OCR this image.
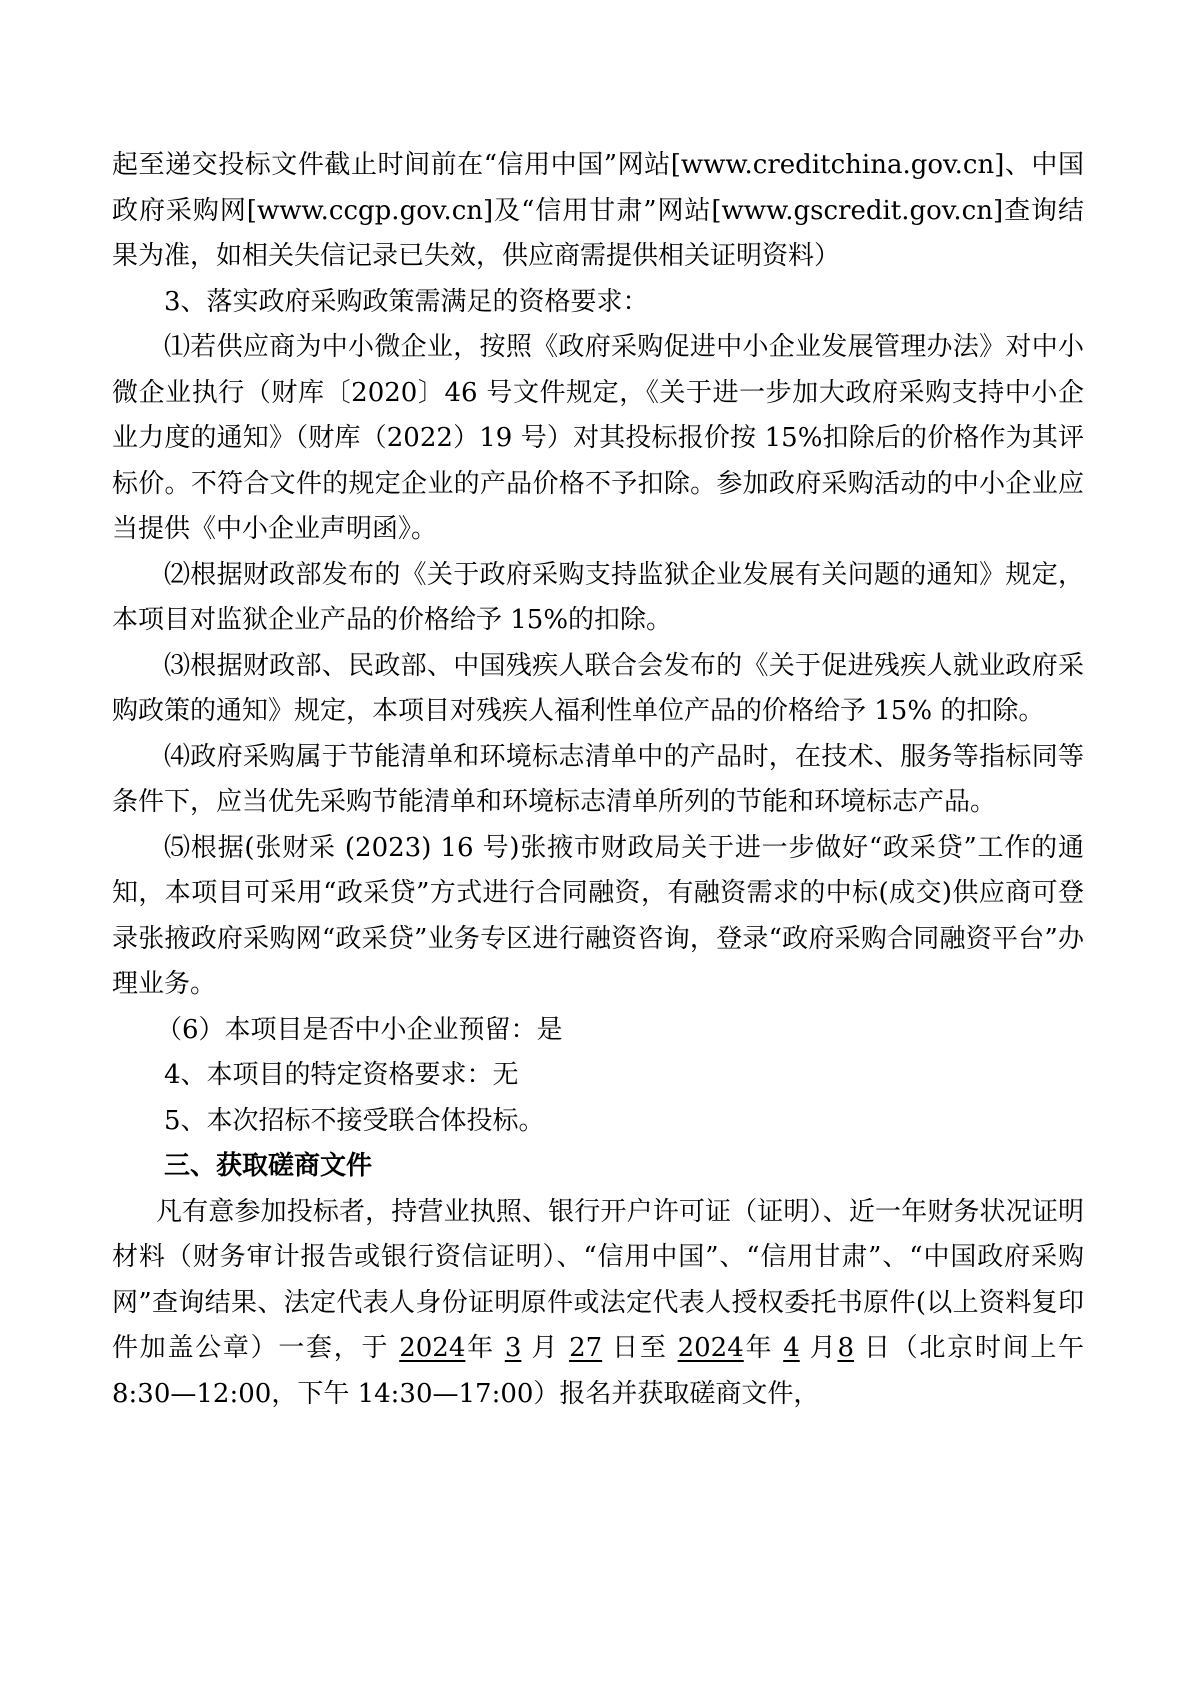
起至递交投标文件截止时间前在“信用中国”网站[www.creditchina.gov.cn]、中国政府采购网[www.ccgp.gov.cn]及“信用甘肃”网站[www.gscredit.gov.cn]查询结果为准，如相关失信记录已失效，供应商需提供相关证明资料）

3、落实政府采购政策需满足的资格要求：

⑴若供应商为中小微企业，按照《政府采购促进中小企业发展管理办法》对中小微企业执行（财库〔2020〕46 号文件规定，《关于进一步加大政府采购支持中小企业力度的通知》（财库（2022）19 号）对其投标报价按 15%扣除后的价格作为其评标价。不符合文件的规定企业的产品价格不予扣除。参加政府采购活动的中小企业应当提供《中小企业声明函》。

⑵根据财政部发布的《关于政府采购支持监狱企业发展有关问题的通知》规定，本项目对监狱企业产品的价格给予 15%的扣除。

⑶根据财政部、民政部、中国残疾人联合会发布的《关于促进残疾人就业政府采购政策的通知》规定，本项目对残疾人福利性单位产品的价格给予 15% 的扣除。

⑷政府采购属于节能清单和环境标志清单中的产品时，在技术、服务等指标同等条件下，应当优先采购节能清单和环境标志清单所列的节能和环境标志产品。

⑸根据(张财采 (2023) 16 号)张掖市财政局关于进一步做好“政采贷”工作的通知，本项目可采用“政采贷”方式进行合同融资，有融资需求的中标(成交)供应商可登录张掖政府采购网“政采贷”业务专区进行融资咨询，登录“政府采购合同融资平台”办理业务。

（6）本项目是否中小企业预留：是

4、本项目的特定资格要求：无

5、本次招标不接受联合体投标。

三、获取磋商文件

凡有意参加投标者，持营业执照、银行开户许可证（证明）、近一年财务状况证明材料（财务审计报告或银行资信证明）、“信用中国”、“信用甘肃”、“中国政府采购网”查询结果、法定代表人身份证明原件或法定代表人授权委托书原件(以上资料复印件加盖公章）一套，于 2024年 3 月 27 日至 2024年 4 月8 日（北京时间上午 8:30—12:00，下午 14:30—17:00）报名并获取磋商文件，
